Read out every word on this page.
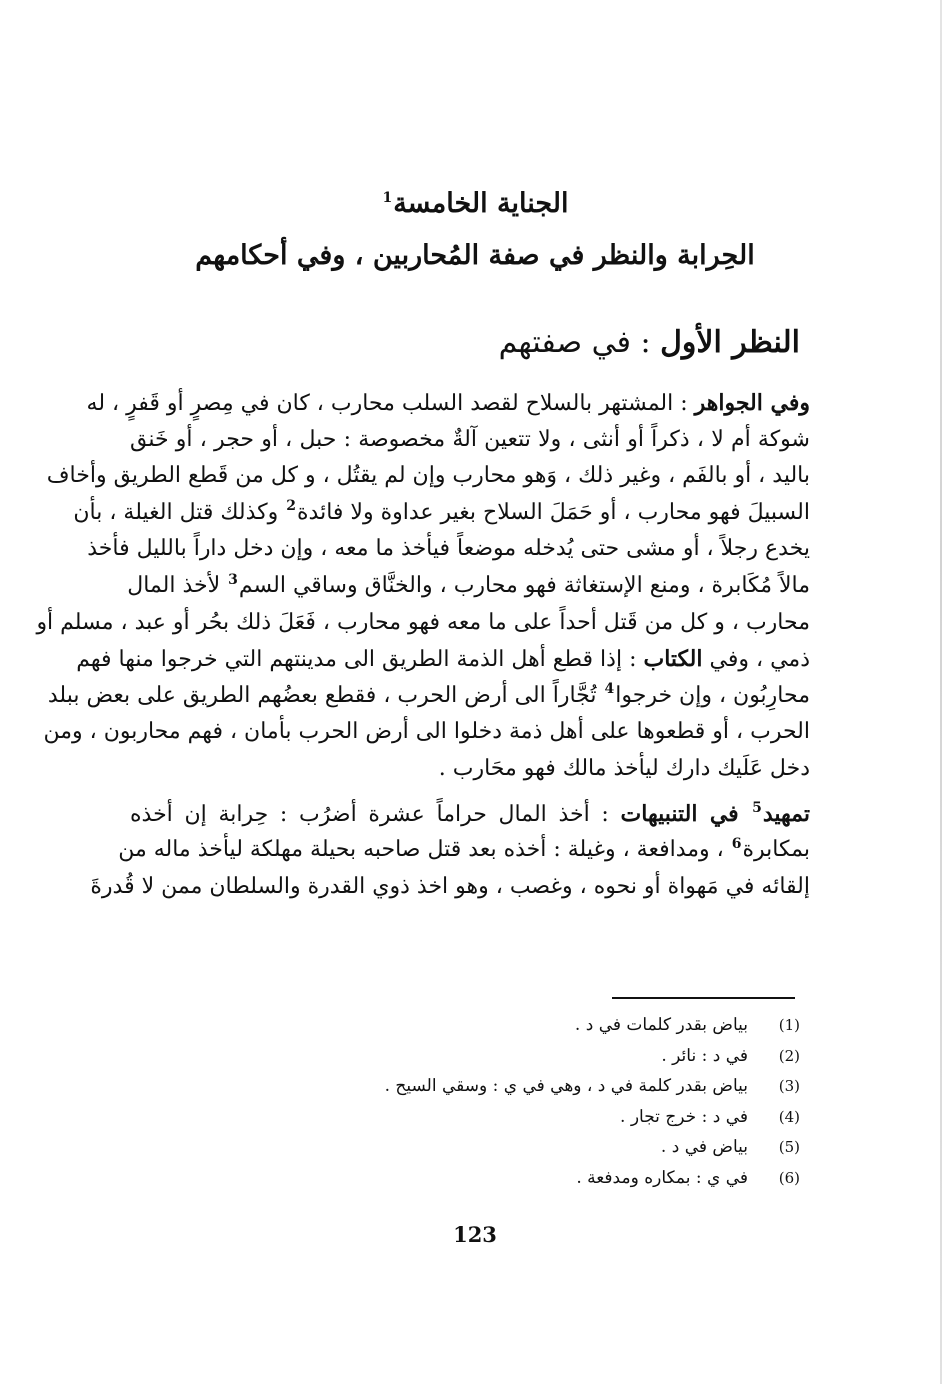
الجناية الخامسة$^1$
الحِرابة والنظر في صفة المُحاربين ، وفي أحكامهم
النظر الأول : في صفتهم
وفي الجواهر : المشتهر بالسلاح لقصد السلب محارب ، كان في مِصرٍ أو قَفرٍ ، له
شوكة أم لا ، ذكراً أو أنثى ، ولا تتعين آلةٌ مخصوصة : حبل ، أو حجر ، أو خَنق
باليد ، أو بالفَم ، وغير ذلك ، وَهو محارب وإن لم يقتُل ، و كل من قَطع الطريق وأخاف
السبيلَ فهو محارب ، أو حَمَلَ السلاح بغير عداوة ولا فائدة$^2$ وكذلك قتل الغيلة ، بأن
يخدع رجلاً ، أو مشى حتى يُدخله موضعاً فيأخذ ما معه ، وإن دخل داراً بالليل فأخذ
مالاً مُكَابرة ، ومنع الإستغاثة فهو محارب ، والخنَّاق وساقي السم$^3$ لأخذ المال
محارب ، و كل من قَتل أحداً على ما معه فهو محارب ، فَعَلَ ذلك بحُر أو عبد ، مسلم أو
ذمي ، وفي الكتاب : إذا قطع أهل الذمة الطريق الى مدينتهم التي خرجوا منها فهم
محارِبُون ، وإن خرجوا$^4$ تُجَّاراً الى أرض الحرب ، فقطع بعضُهم الطريق على بعض ببلد
الحرب ، أو قطعوها على أهل ذمة دخلوا الى أرض الحرب بأمان ، فهم محاربون ، ومن
دخل عَلَيك دارك ليأخذ مالك فهو محَارب .
تمهيد$^5$ في التنبيهات : أخذ المال حراماً عشرة أضرُب : حِرابة إن أخذه
بمكابرة$^6$ ، ومدافعة ، وغيلة : أخذه بعد قتل صاحبه بحيلة مهلكة ليأخذ ماله من
إلقائه في مَهواة أو نحوه ، وغصب ، وهو اخذ ذوي القدرة والسلطان ممن لا قُدرةَ
(1)
بياض بقدر كلمات في د .
(2)
في د : نائر .
(3)
بياض بقدر كلمة في د ، وهي في ي : وسقي السيح .
(4)
في د : خرج تجار .
(5)
بياض في د .
(6)
في ي : بمكاره ومدفعة .
123
